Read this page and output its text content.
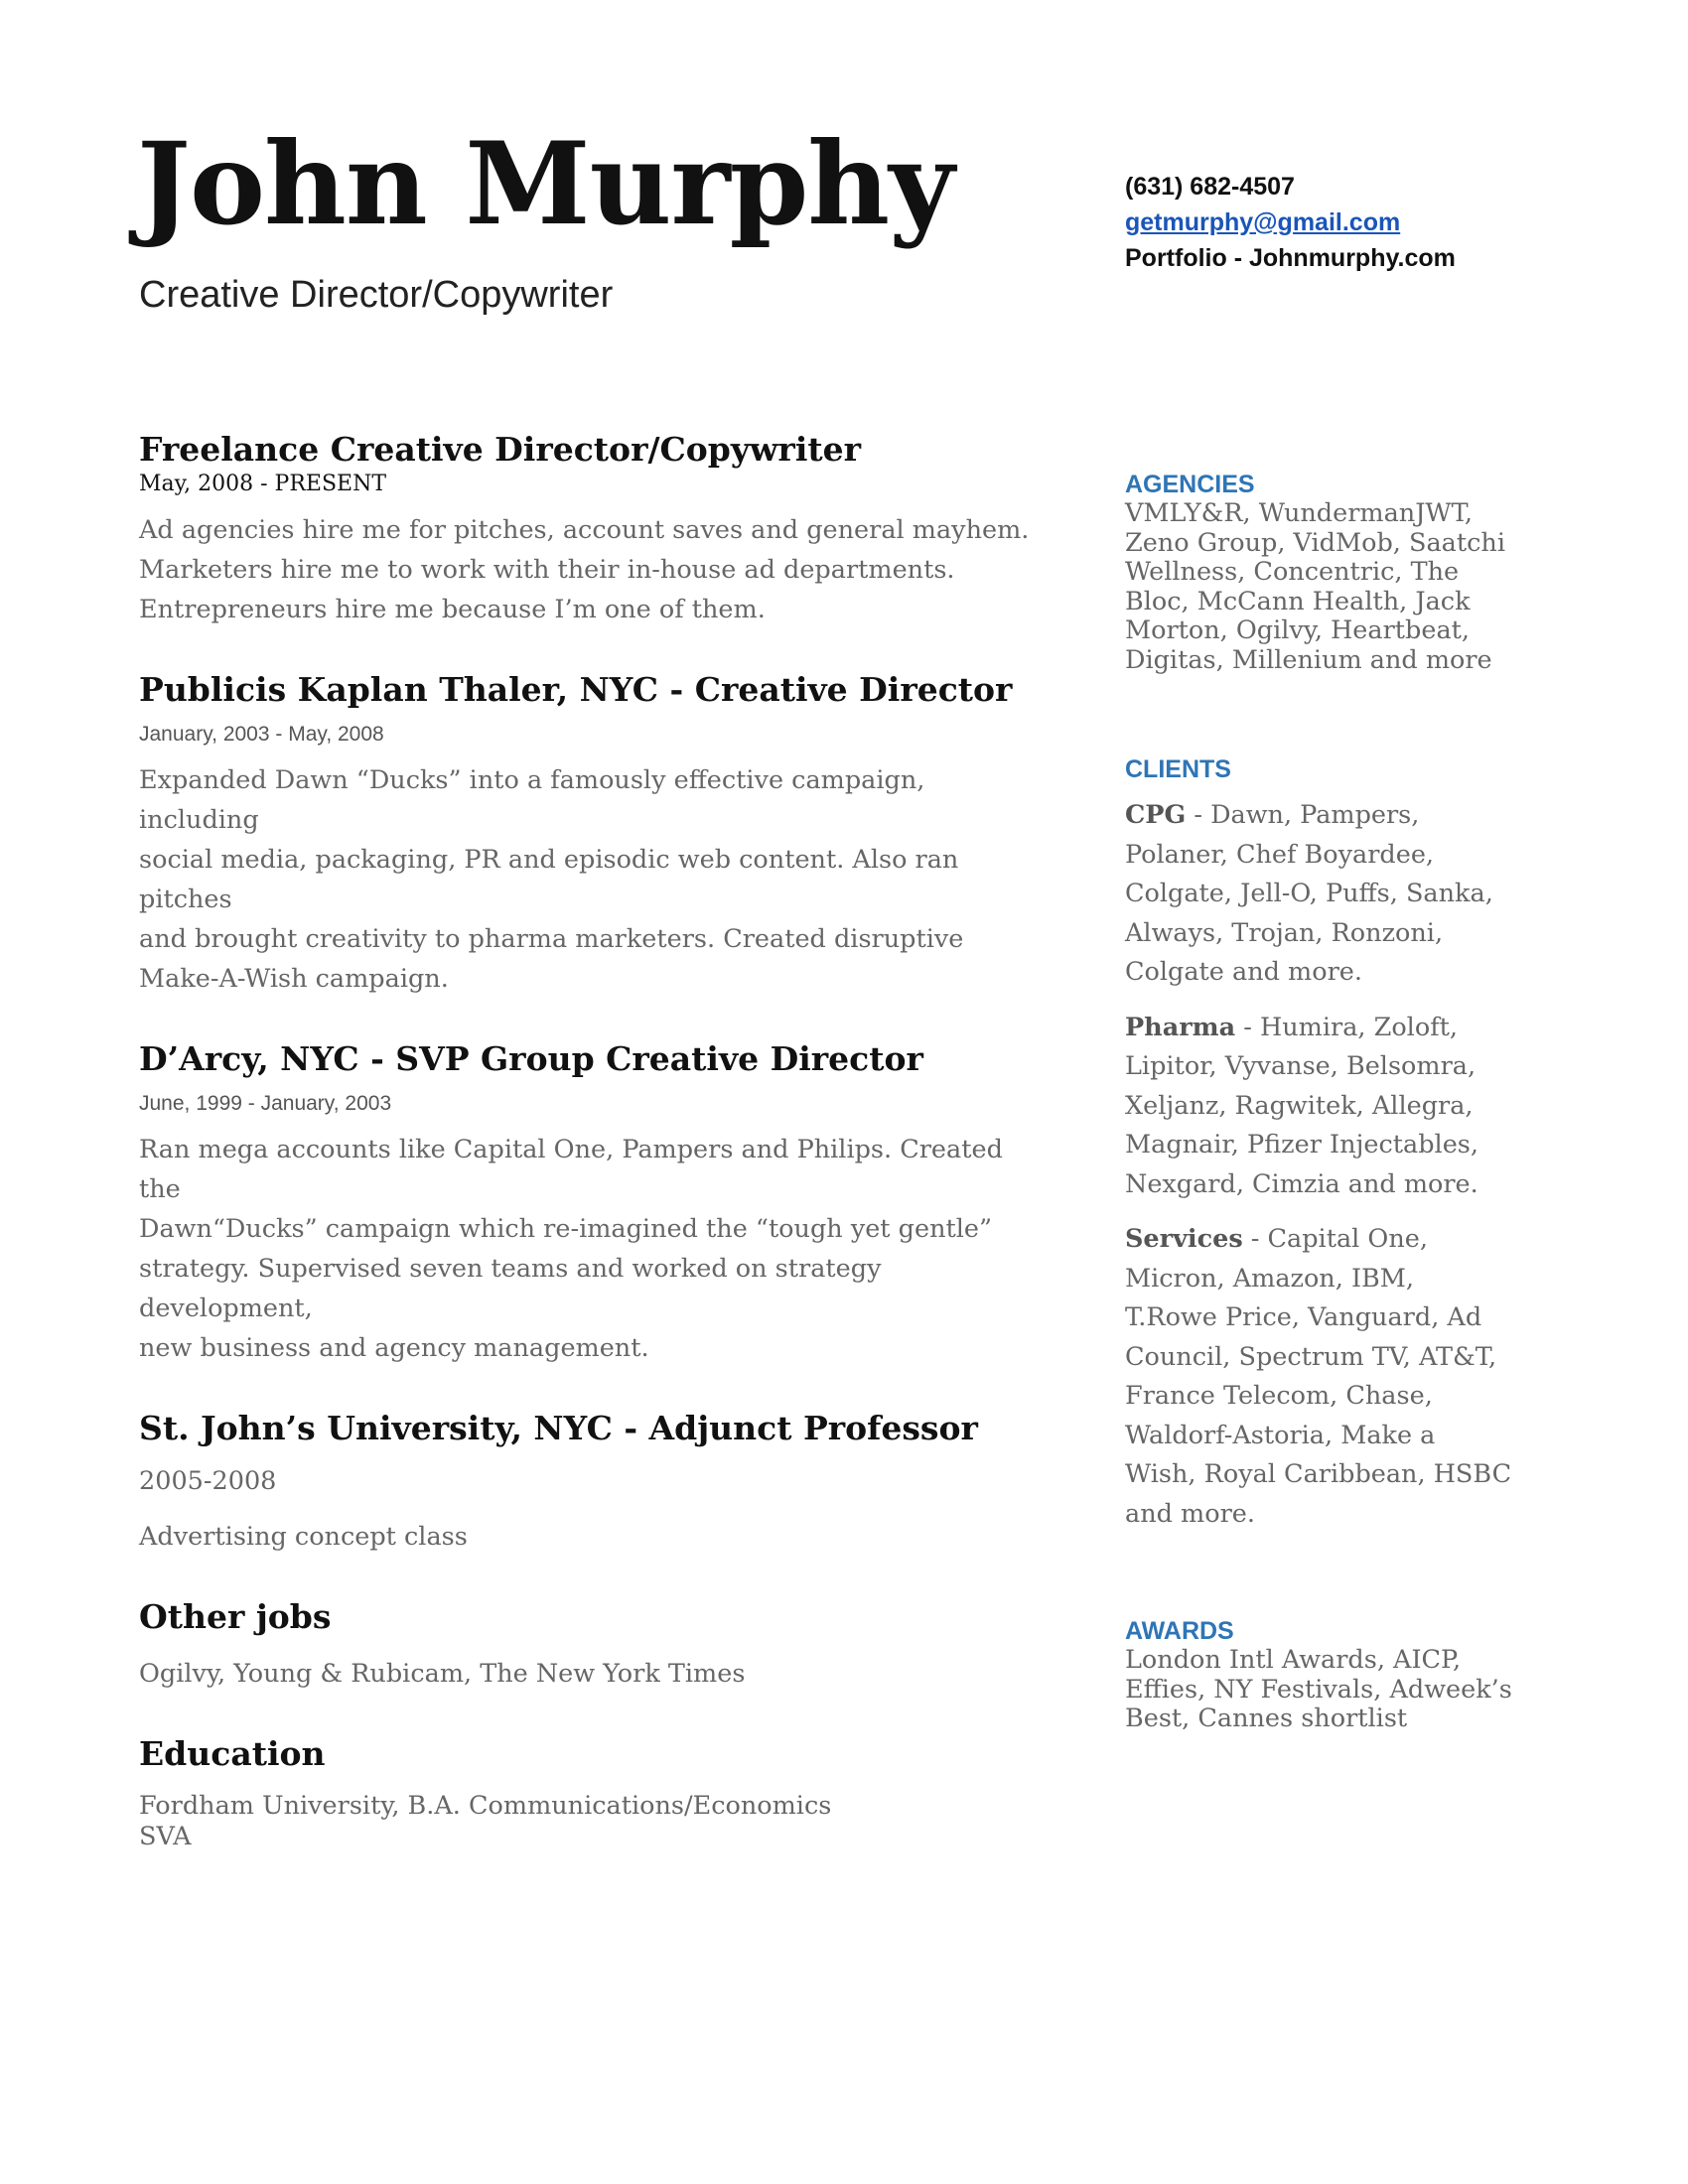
John Murphy
Creative Director/Copywriter
(631) 682-4507
getmurphy@gmail.com
Portfolio - Johnmurphy.com
Freelance Creative Director/Copywriter
May, 2008 - PRESENT
Ad agencies hire me for pitches, account saves and general mayhem.
Marketers hire me to work with their in-house ad departments.
Entrepreneurs hire me because I’m one of them.
Publicis Kaplan Thaler, NYC - Creative Director
January, 2003 - May, 2008
Expanded Dawn “Ducks” into a famously effective campaign, including
social media, packaging, PR and episodic web content. Also ran pitches
and brought creativity to pharma marketers. Created disruptive
Make-A-Wish campaign.
D’Arcy, NYC - SVP Group Creative Director
June, 1999 - January, 2003
Ran mega accounts like Capital One, Pampers and Philips. Created the
Dawn“Ducks” campaign which re-imagined the “tough yet gentle”
strategy. Supervised seven teams and worked on strategy development,
new business and agency management.
St. John’s University, NYC - Adjunct Professor
2005-2008
Advertising concept class
Other jobs
Ogilvy, Young & Rubicam, The New York Times
Education
Fordham University, B.A. Communications/Economics
SVA
AGENCIES
VMLY&R, WundermanJWT,
Zeno Group, VidMob, Saatchi
Wellness, Concentric, The
Bloc, McCann Health, Jack
Morton, Ogilvy, Heartbeat,
Digitas, Millenium and more
CLIENTS
CPG - Dawn, Pampers,
Polaner, Chef Boyardee,
Colgate, Jell-O, Puffs, Sanka,
Always, Trojan, Ronzoni,
Colgate and more.
Pharma - Humira, Zoloft,
Lipitor, Vyvanse, Belsomra,
Xeljanz, Ragwitek, Allegra,
Magnair, Pfizer Injectables,
Nexgard, Cimzia and more.
Services - Capital One,
Micron, Amazon, IBM,
T.Rowe Price, Vanguard, Ad
Council, Spectrum TV, AT&T,
France Telecom, Chase,
Waldorf-Astoria, Make a
Wish, Royal Caribbean, HSBC
and more.
AWARDS
London Intl Awards, AICP,
Effies, NY Festivals, Adweek’s
Best, Cannes shortlist
